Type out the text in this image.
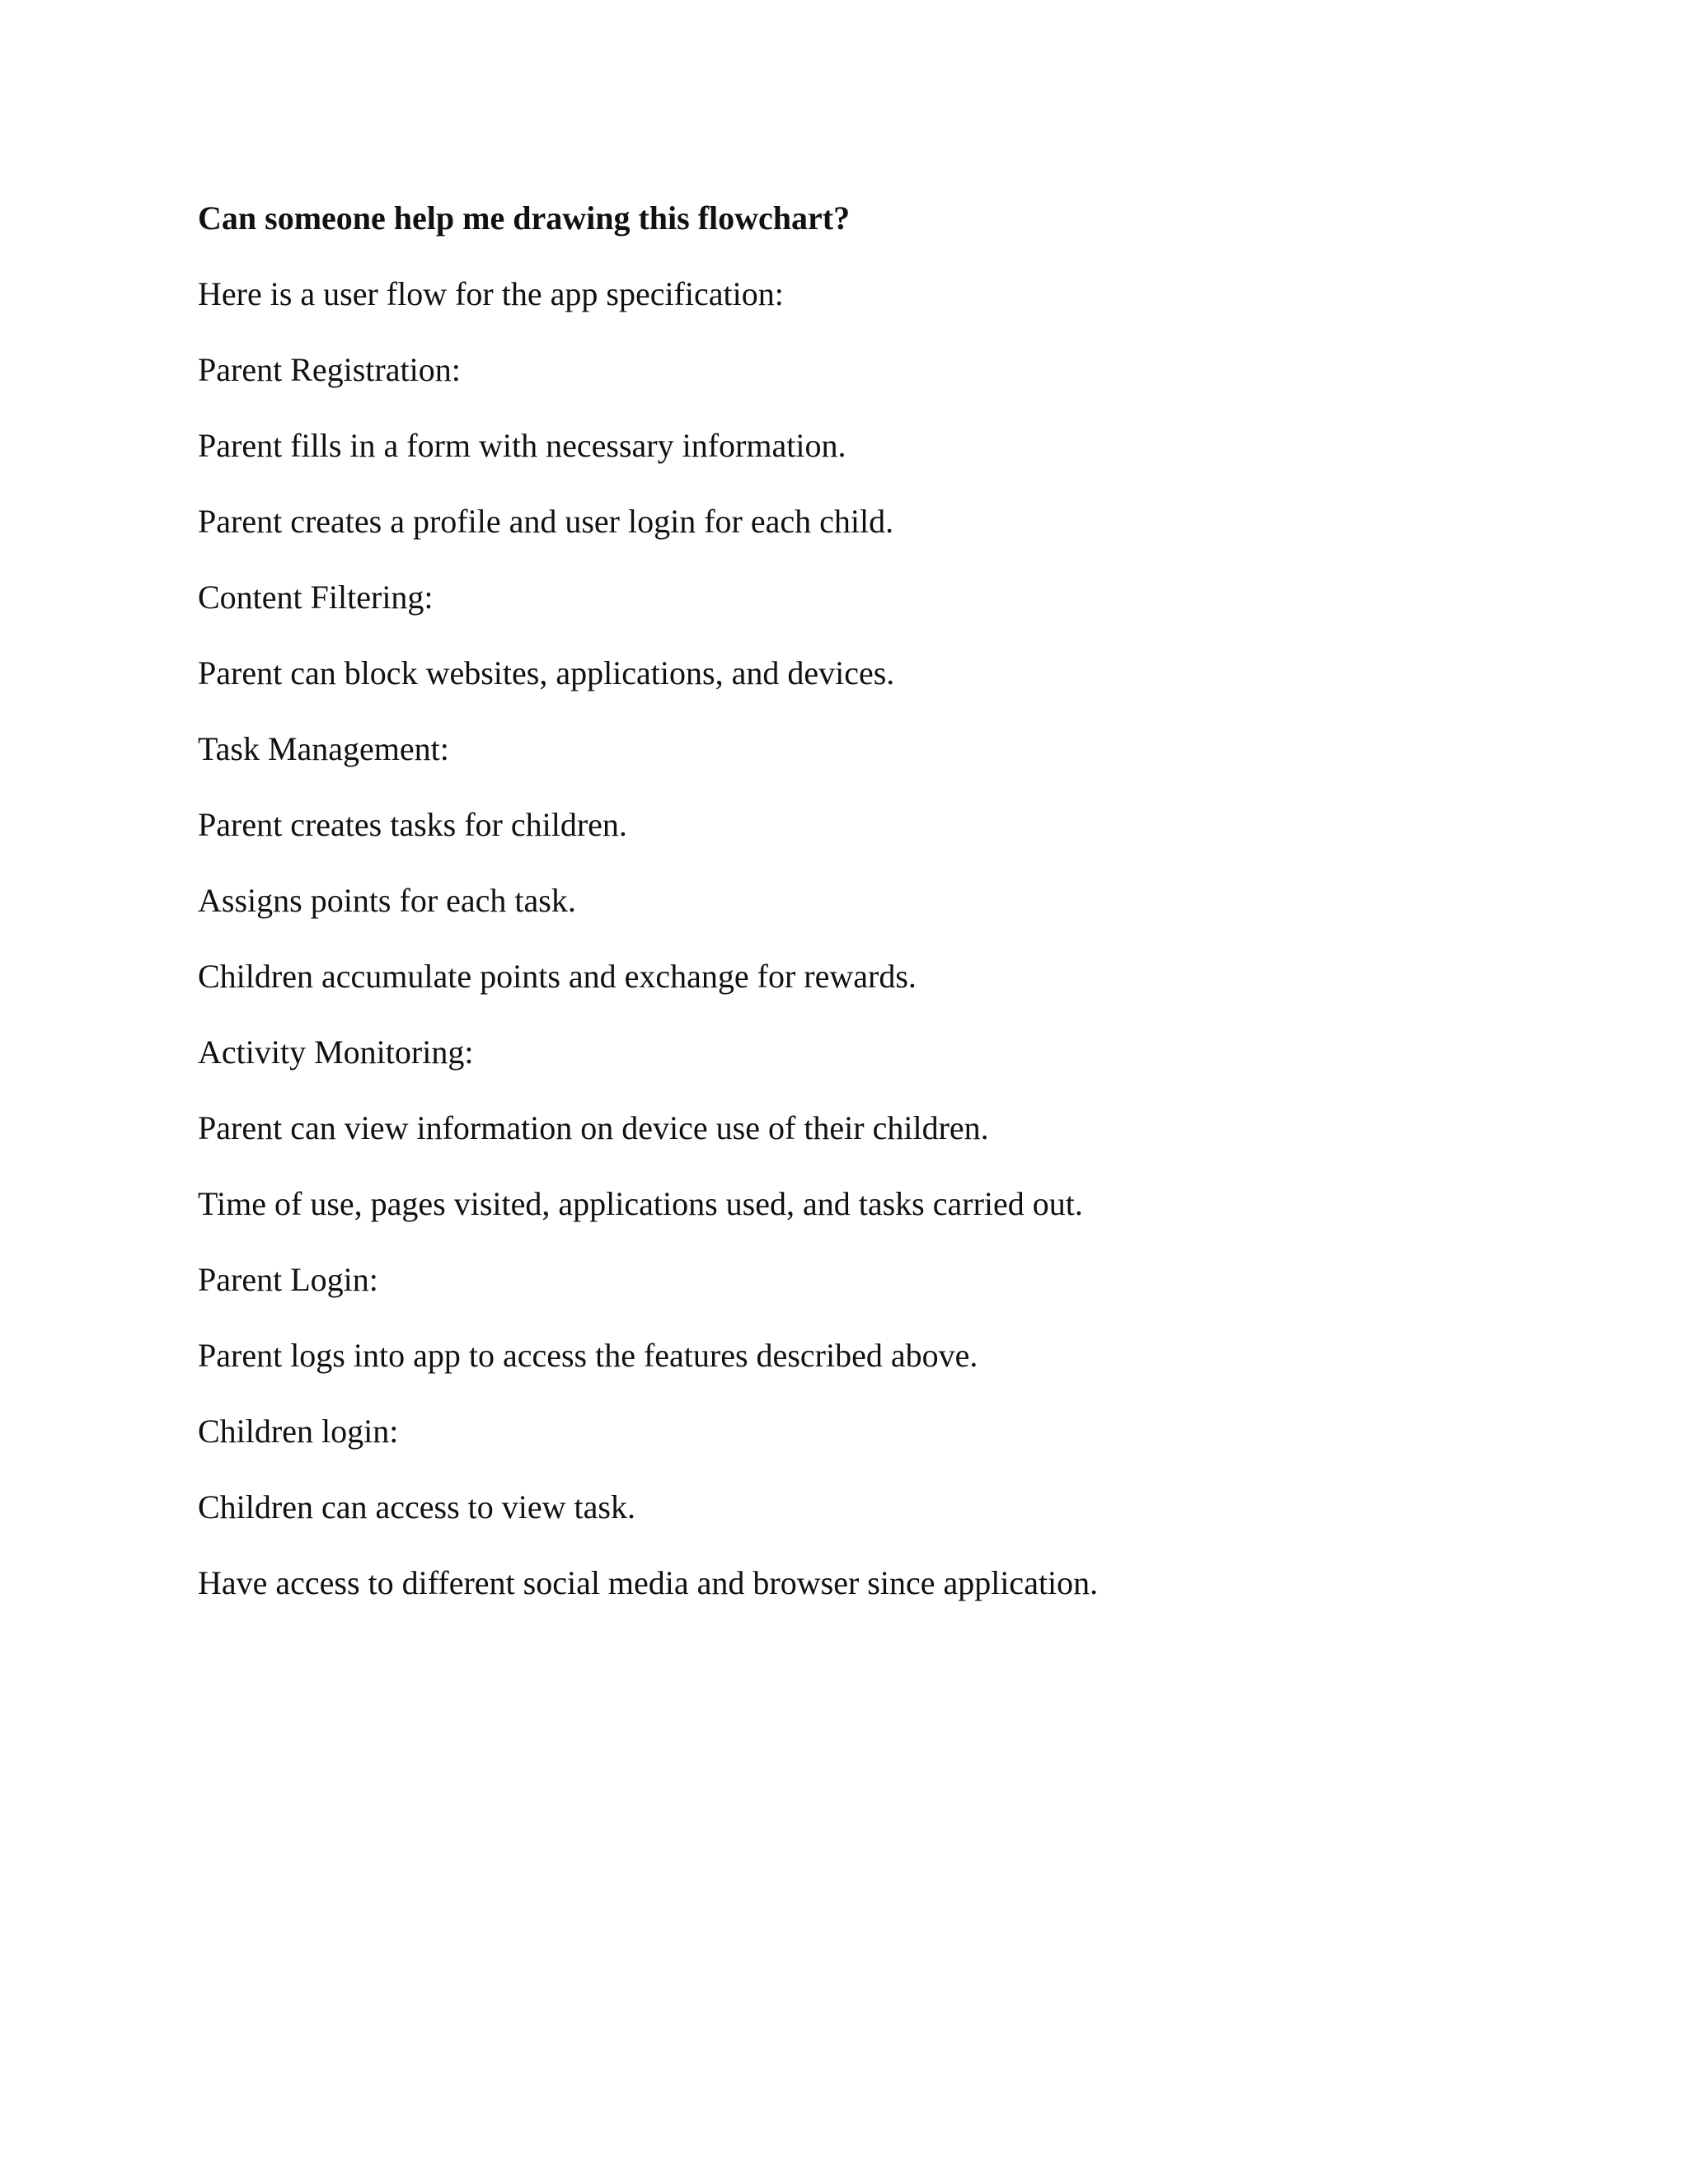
Can someone help me drawing this flowchart?

Here is a user flow for the app specification:

Parent Registration:

Parent fills in a form with necessary information.

Parent creates a profile and user login for each child.

Content Filtering:

Parent can block websites, applications, and devices.

Task Management:

Parent creates tasks for children.

Assigns points for each task.

Children accumulate points and exchange for rewards.

Activity Monitoring:

Parent can view information on device use of their children.

Time of use, pages visited, applications used, and tasks carried out.

Parent Login:

Parent logs into app to access the features described above.

Children login:

Children can access to view task.

Have access to different social media and browser since application.
